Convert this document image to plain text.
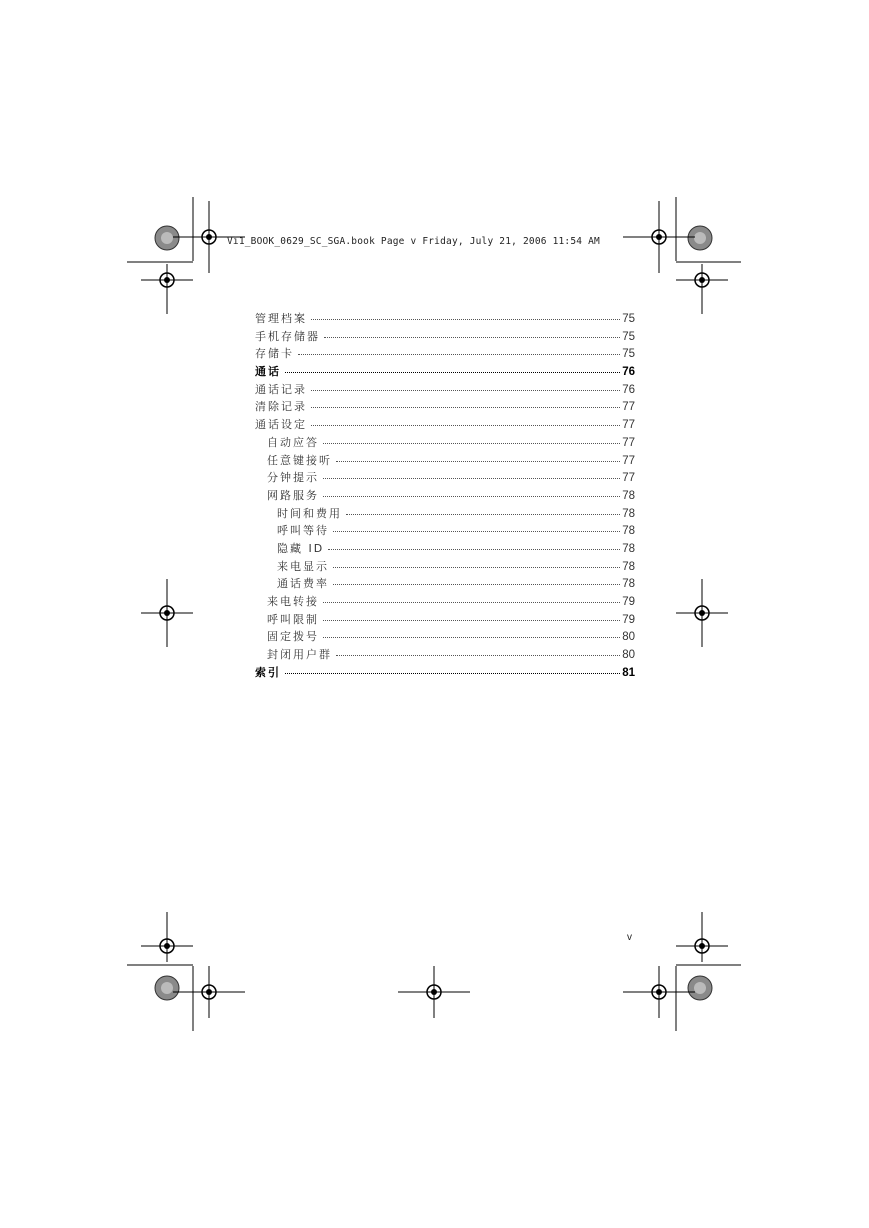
Vi1_BOOK_0629_SC_SGA.book Page v Friday, July 21, 2006 11:54 AM
管理档案	75
手机存储器	75
存储卡	75
通话	76
通话记录	76
清除记录	77
通话设定	77
自动应答	77
任意键接听	77
分钟提示	77
网路服务	78
时间和费用	78
呼叫等待	78
隐藏 ID	78
来电显示	78
通话费率	78
来电转接	79
呼叫限制	79
固定拨号	80
封闭用户群	80
索引	81
v
